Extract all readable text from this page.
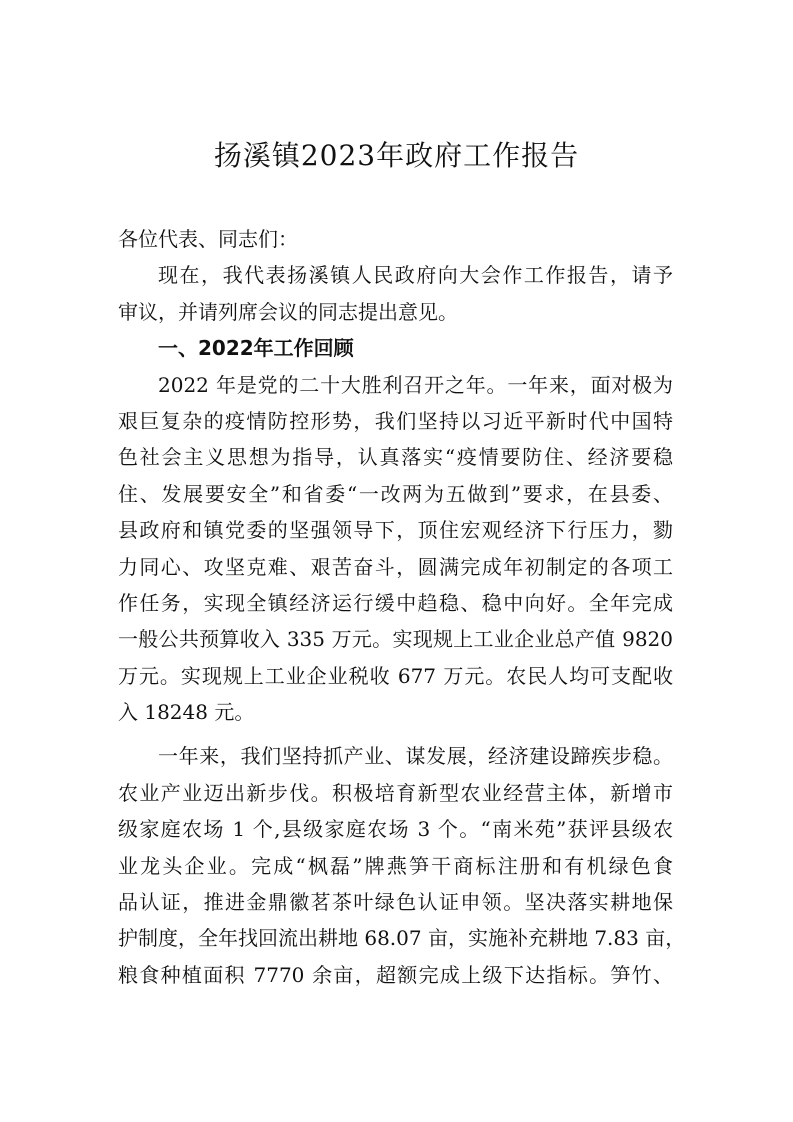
扬溪镇2023年政府工作报告
各位代表、同志们：
现在，我代表扬溪镇人民政府向大会作工作报告，请予
审议，并请列席会议的同志提出意见。
一、2022年工作回顾
2022 年是党的二十大胜利召开之年。一年来，面对极为
艰巨复杂的疫情防控形势，我们坚持以习近平新时代中国特
色社会主义思想为指导，认真落实“疫情要防住、经济要稳
住、发展要安全”和省委“一改两为五做到”要求，在县委、
县政府和镇党委的坚强领导下，顶住宏观经济下行压力，勠
力同心、攻坚克难、艰苦奋斗，圆满完成年初制定的各项工
作任务，实现全镇经济运行缓中趋稳、稳中向好。全年完成
一般公共预算收入 335 万元。实现规上工业企业总产值 9820
万元。实现规上工业企业税收 677 万元。农民人均可支配收
入 18248 元。
一年来，我们坚持抓产业、谋发展，经济建设蹄疾步稳。
农业产业迈出新步伐。积极培育新型农业经营主体，新增市
级家庭农场 1 个,县级家庭农场 3 个。“南米苑”获评县级农
业龙头企业。完成“枫磊”牌燕笋干商标注册和有机绿色食
品认证，推进金鼎徽茗茶叶绿色认证申领。坚决落实耕地保
护制度，全年找回流出耕地 68.07 亩，实施补充耕地 7.83 亩，
粮食种植面积 7770 余亩，超额完成上级下达指标。笋竹、
